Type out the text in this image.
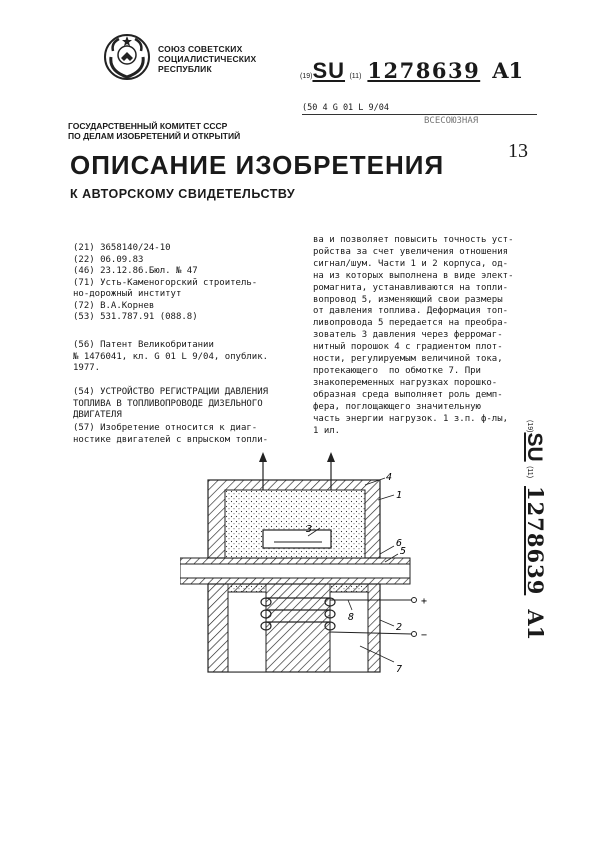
СОЮЗ СОВЕТСКИХ
СОЦИАЛИСТИЧЕСКИХ
РЕСПУБЛИК
(19)SU (11) 1278639 A1
(50 4 G 01 L 9/04
ГОСУДАРСТВЕННЫЙ КОМИТЕТ СССР
ПО ДЕЛАМ ИЗОБРЕТЕНИЙ И ОТКРЫТИЙ
ВСЕСОЮЗНАЯ
13
ОПИСАНИЕ ИЗОБРЕТЕНИЯ
К АВТОРСКОМУ СВИДЕТЕЛЬСТВУ
(21) 3658140/24-10
(22) 06.09.83
(46) 23.12.86.Бюл. № 47
(71) Усть-Каменогорский строитель-
но-дорожный институт
(72) В.А.Корнев
(53) 531.787.91 (088.8)
(56) Патент Великобритании
№ 1476041, кл. G 01 L 9/04, опублик.
1977.
(54) УСТРОЙСТВО РЕГИСТРАЦИИ ДАВЛЕНИЯ
ТОПЛИВА В ТОПЛИВОПРОВОДЕ ДИЗЕЛЬНОГО
ДВИГАТЕЛЯ
(57) Изобретение относится к диаг-
ностике двигателей с впрыском топли-
ва и позволяет повысить точность уст-
ройства за счет увеличения отношения
сигнал/шум. Части 1 и 2 корпуса, од-
на из которых выполнена в виде элект-
ромагнита, устанавливаются на топли-
вопровод 5, изменяющий свои размеры
от давления топлива. Деформация топ-
ливопровода 5 передается на преобра-
зователь 3 давления через ферромаг-
нитный порошок 4 с градиентом плот-
ности, регулируемым величиной тока,
протекающего  по обмотке 7. При
знакопеременных нагрузках порошко-
образная среда выполняет роль демп-
фера, поглощающего значительную
часть энергии нагрузок. 1 з.п. ф-лы,
1 ил.	(19)SU (11)1278639A1
4
1
3
6
5
8
2
7
+
−
